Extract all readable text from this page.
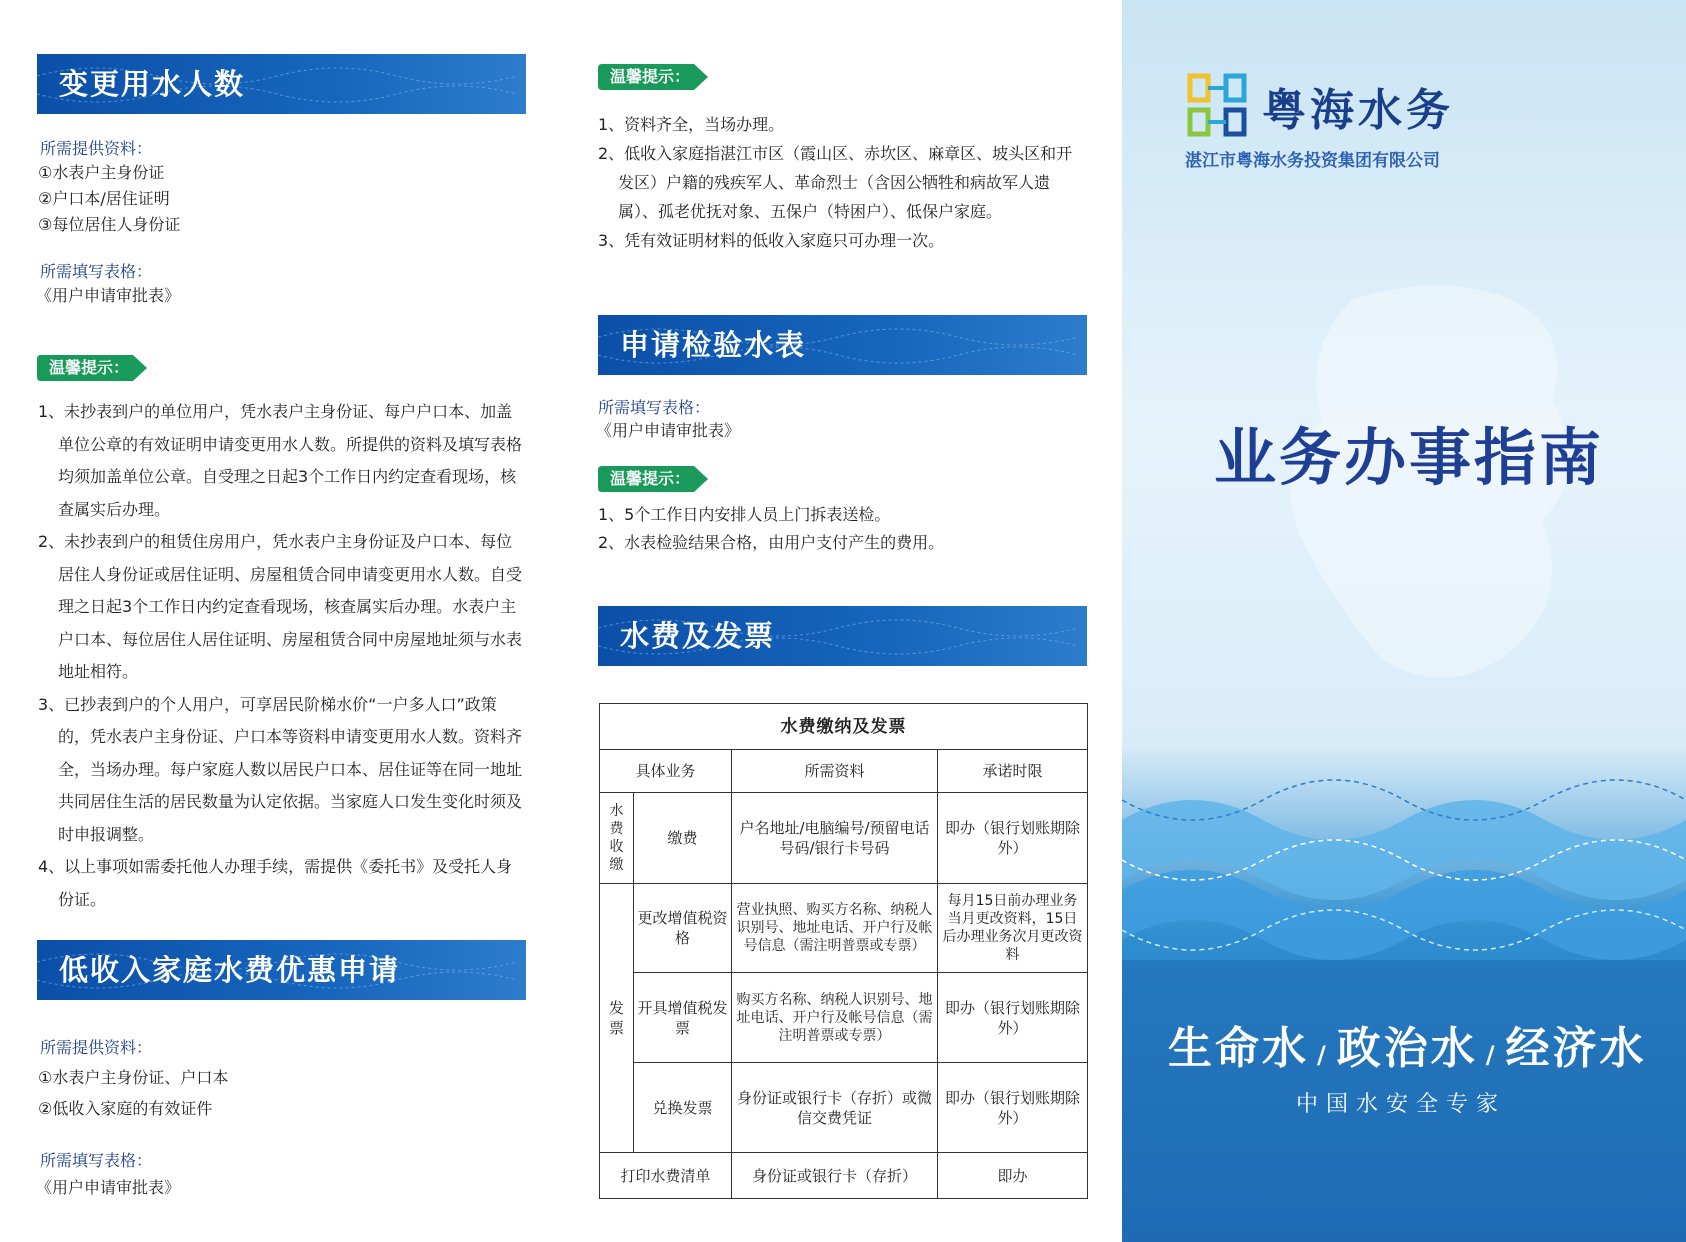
变更用水人数
所需提供资料：
①水表户主身份证
②户口本/居住证明
③每位居住人身份证
所需填写表格：
《用户申请审批表》
温馨提示：
1、未抄表到户的单位用户，凭水表户主身份证、每户户口本、加盖单位公章的有效证明申请变更用水人数。所提供的资料及填写表格均须加盖单位公章。自受理之日起3个工作日内约定查看现场，核查属实后办理。
2、未抄表到户的租赁住房用户，凭水表户主身份证及户口本、每位居住人身份证或居住证明、房屋租赁合同申请变更用水人数。自受理之日起3个工作日内约定查看现场，核查属实后办理。水表户主户口本、每位居住人居住证明、房屋租赁合同中房屋地址须与水表地址相符。
3、已抄表到户的个人用户，可享居民阶梯水价“一户多人口”政策的，凭水表户主身份证、户口本等资料申请变更用水人数。资料齐全，当场办理。每户家庭人数以居民户口本、居住证等在同一地址共同居住生活的居民数量为认定依据。当家庭人口发生变化时须及时申报调整。
4、以上事项如需委托他人办理手续，需提供《委托书》及受托人身份证。
低收入家庭水费优惠申请
所需提供资料：
①水表户主身份证、户口本
②低收入家庭的有效证件
所需填写表格：
《用户申请审批表》
温馨提示：
1、资料齐全，当场办理。
2、低收入家庭指湛江市区（霞山区、赤坎区、麻章区、坡头区和开发区）户籍的残疾军人、革命烈士（含因公牺牲和病故军人遗属）、孤老优抚对象、五保户（特困户）、低保户家庭。
3、凭有效证明材料的低收入家庭只可办理一次。
申请检验水表
所需填写表格：
《用户申请审批表》
温馨提示：
1、5个工作日内安排人员上门拆表送检。
2、水表检验结果合格，由用户支付产生的费用。
水费及发票
水费缴纳及发票			
具体业务		所需资料	承诺时限
水费收缴	缴费	户名地址/电脑编号/预留电话号码/银行卡号码	即办（银行划账期除外）
发票	更改增值税资格	营业执照、购买方名称、纳税人识别号、地址电话、开户行及帐号信息（需注明普票或专票）	每月15日前办理业务当月更改资料，15日后办理业务次月更改资料
	开具增值税发票	购买方名称、纳税人识别号、地址电话、开户行及帐号信息（需注明普票或专票）	即办（银行划账期除外）
	兑换发票	身份证或银行卡（存折）或微信交费凭证	即办（银行划账期除外）
打印水费清单		身份证或银行卡（存折）	即办
粤海水务
湛江市粤海水务投资集团有限公司
业务办事指南
生命水 / 政治水 / 经济水
中国水安全专家
